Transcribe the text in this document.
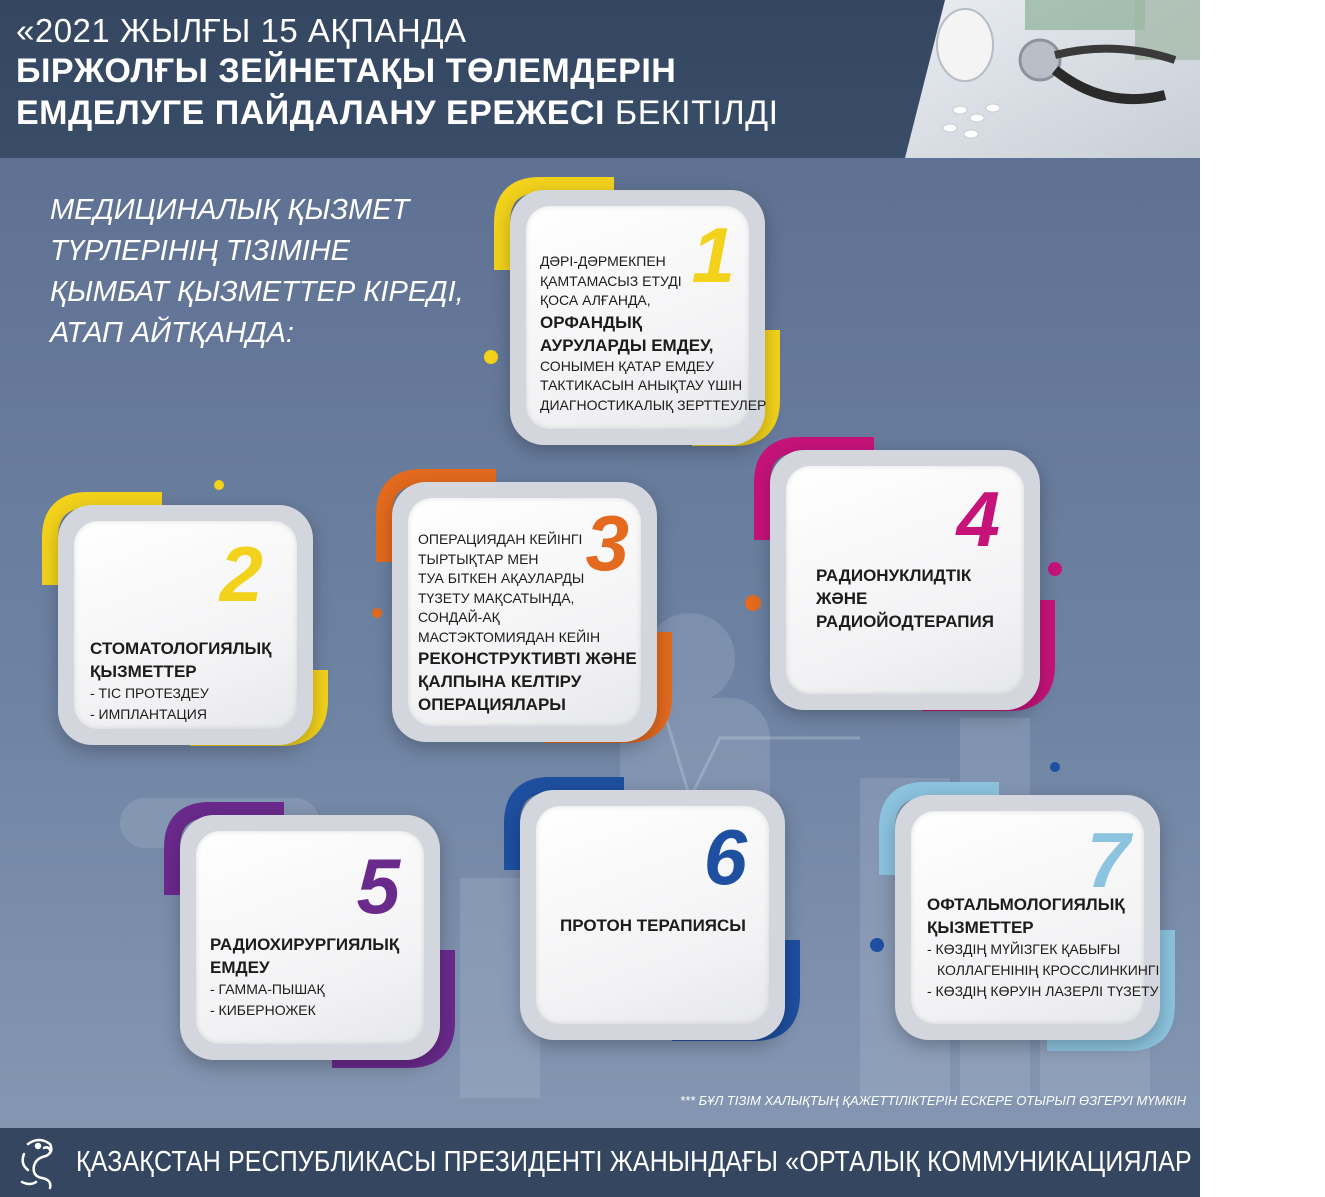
«2021 ЖЫЛҒЫ 15 АҚПАНДА
БІРЖОЛҒЫ ЗЕЙНЕТАҚЫ ТӨЛЕМДЕРІН
ЕМДЕЛУГЕ ПАЙДАЛАНУ ЕРЕЖЕСІ БЕКІТІЛДІ
МЕДИЦИНАЛЫҚ ҚЫЗМЕТ
ТҮРЛЕРІНІҢ ТІЗІМІНЕ
ҚЫМБАТ ҚЫЗМЕТТЕР КІРЕДІ,
АТАП АЙТҚАНДА:
1
ДӘРІ-ДӘРМЕКПЕН
ҚАМТАМАСЫЗ ЕТУДІ
ҚОСА АЛҒАНДА,
ОРФАНДЫҚ
АУРУЛАРДЫ ЕМДЕУ,
СОНЫМЕН ҚАТАР ЕМДЕУ
ТАКТИКАСЫН АНЫҚТАУ ҮШІН
ДИАГНОСТИКАЛЫҚ ЗЕРТТЕУЛЕР
2
СТОМАТОЛОГИЯЛЫҚ
ҚЫЗМЕТТЕР
- ТІС ПРОТЕЗДЕУ
- ИМПЛАНТАЦИЯ
3
ОПЕРАЦИЯДАН КЕЙІНГІ
ТЫРТЫҚТАР МЕН
ТУА БІТКЕН АҚАУЛАРДЫ
ТҮЗЕТУ МАҚСАТЫНДА,
СОНДАЙ-АҚ
МАСТЭКТОМИЯДАН КЕЙІН
РЕКОНСТРУКТИВТІ ЖӘНЕ
ҚАЛПЫНА КЕЛТІРУ
ОПЕРАЦИЯЛАРЫ
4
РАДИОНУКЛИДТІК
ЖӘНЕ
РАДИОЙОДТЕРАПИЯ
5
РАДИОХИРУРГИЯЛЫҚ
ЕМДЕУ
- ГАММА-ПЫШАҚ
- КИБЕРНОЖЕК
6
ПРОТОН ТЕРАПИЯСЫ
7
ОФТАЛЬМОЛОГИЯЛЫҚ
ҚЫЗМЕТТЕР
- КӨЗДІҢ МҮЙІЗГЕК ҚАБЫҒЫ
КОЛЛАГЕНІНІҢ КРОССЛИНКИНГІ
- КӨЗДІҢ КӨРУІН ЛАЗЕРЛІ ТҮЗЕТУ
*** БҰЛ ТІЗІМ ХАЛЫҚТЫҢ ҚАЖЕТТІЛІКТЕРІН ЕСКЕРЕ ОТЫРЫП ӨЗГЕРУІ МҮМКІН
ҚАЗАҚСТАН РЕСПУБЛИКАСЫ ПРЕЗИДЕНТІ ЖАНЫНДАҒЫ «ОРТАЛЫҚ КОММУНИКАЦИЯЛАР ҚЫЗМЕТІ»
